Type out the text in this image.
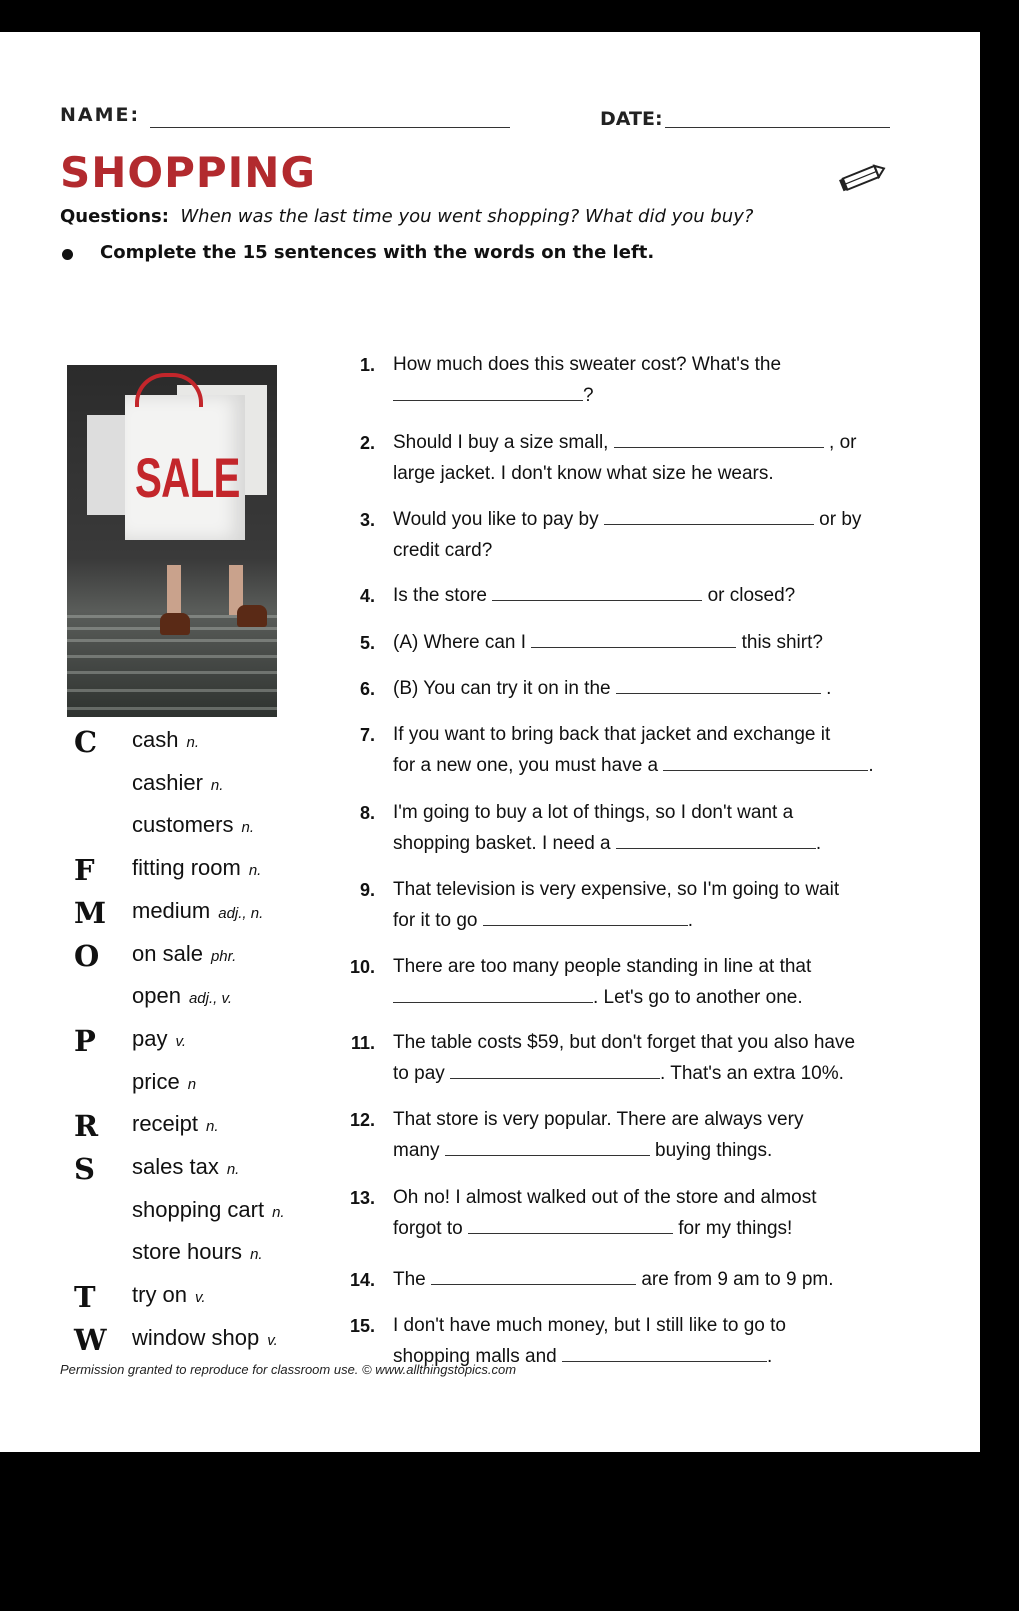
NAME:	DATE:
SHOPPING
Questions: When was the last time you went shopping? What did you buy?
Complete the 15 sentences with the words on the left.
SALE
C cash n.
cashier n.
customers n.
F fitting room n.
M medium adj., n.
O on sale phr.
open adj., v.
P pay v.
price n
R receipt n.
S sales tax n.
shopping cart n.
store hours n.
T try on v.
W window shop v.
1. How much does this sweater cost? What's the
?
2. Should I buy a size small,	, or
large jacket. I don't know what size he wears.
3. Would you like to pay by	or by
credit card?
4. Is the store	or closed?
5. (A) Where can I	this shirt?
6. (B) You can try it on in the	.
7. If you want to bring back that jacket and exchange it
for a new one, you must have a	.
8. I'm going to buy a lot of things, so I don't want a
shopping basket. I need a	.
9. That television is very expensive, so I'm going to wait
for it to go	.
10. There are too many people standing in line at that
. Let's go to another one.
11. The table costs $59, but don't forget that you also have
to pay	. That's an extra 10%.
12. That store is very popular. There are always very
many	buying things.
13. Oh no! I almost walked out of the store and almost
forgot to	for my things!
14. The	are from 9 am to 9 pm.
15. I don't have much money, but I still like to go to
shopping malls and	.
Permission granted to reproduce for classroom use. © www.allthingstopics.com
